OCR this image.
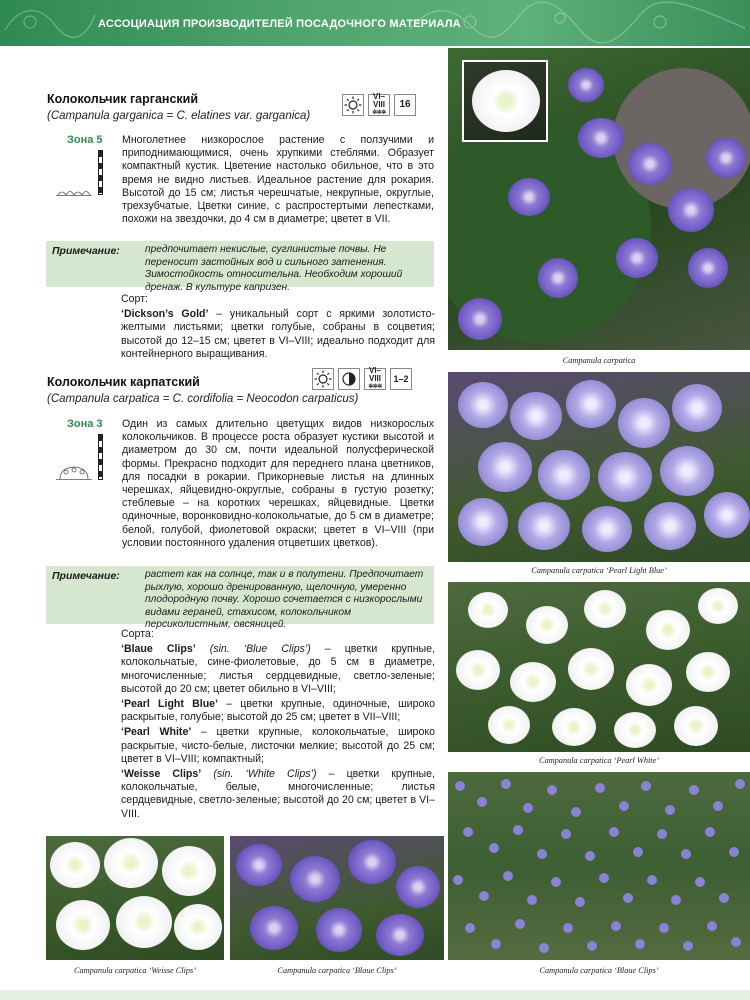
АССОЦИАЦИЯ ПРОИЗВОДИТЕЛЕЙ ПОСАДОЧНОГО МАТЕРИАЛА
Колокольчик гарганский
(Campanula garganica = C. elatines var. garganica)
VI–VIII
✲✲✲
16
Зона 5 Многолетнее низкорослое растение с ползучими и приподнимающимися, очень хрупкими стеблями. Образует компактный кустик. Цветение настолько обильное, что в это время не видно листьев. Идеальное растение для рокария. Высотой до 15 см; листья черешчатые, некрупные, округлые, трехзубчатые. Цветки синие, с распростертыми лепестками, похожи на звездочки, до 4 см в диаметре; цветет в VII.
Примечание: предпочитает некислые, суглинистые почвы. Не переносит застойных вод и сильного затенения. Зимостойкость относительна. Необходим хороший дренаж. В культуре капризен.
Сорт:
‘Dickson’s Gold’ – уникальный сорт с яркими золотисто-желтыми листьями; цветки голубые, собраны в соцветия; высотой до 12–15 см; цветет в VI–VIII; идеально подходит для контейнерного выращивания.
Колокольчик карпатский
(Campanula carpatica = C. cordifolia = Neocodon carpaticus)
VI–VIII
✲✲✲
1–2
Зона 3 Один из самых длительно цветущих видов низкорослых колокольчиков. В процессе роста образует кустики высотой и диаметром до 30 см, почти идеальной полусферической формы. Прекрасно подходит для переднего плана цветников, для посадки в рокарии. Прикорневые листья на длинных черешках, яйцевидно-округлые, собраны в густую розетку; стеблевые – на коротких черешках, яйцевидные. Цветки одиночные, воронковидно-колокольчатые, до 5 см в диаметре; белой, голубой, фиолетовой окраски; цветет в VI–VIII (при условии постоянного удаления отцветших цветков).
Примечание: растет как на солнце, так и в полутени. Предпочитает рыхлую, хорошо дренированную, щелочную, умеренно плодородную почву. Хорошо сочетается с низкорослыми видами гераней, стахисом, колокольчиком персиколистным, овсяницей.
Сорта:
‘Blaue Clips’ (sin. ‘Blue Clips’) – цветки крупные, колокольчатые, сине-фиолетовые, до 5 см в диаметре, многочисленные; листья сердцевидные, светло-зеленые; высотой до 20 см; цветет обильно в VI–VIII;
‘Pearl Light Blue’ – цветки крупные, одиночные, широко раскрытые, голубые; высотой до 25 см; цветет в VII–VIII;
‘Pearl White’ – цветки крупные, колокольчатые, широко раскрытые, чисто-белые, листочки мелкие; высотой до 25 см; цветет в VI–VIII; компактный;
‘Weisse Clips’ (sin. ‘White Clips’) – цветки крупные, колокольчатые, белые, многочисленные; листья сердцевидные, светло-зеленые; высотой до 20 см; цветет в VI–VIII.
Campanula carpatica
Campanula carpatica ‘Pearl Light Blue’
Campanula carpatica ‘Pearl White’
Campanula carpatica ‘Blaue Clips’
Campanula carpatica ‘Weisse Clips’	Campanula carpatica ‘Blaue Clips’
